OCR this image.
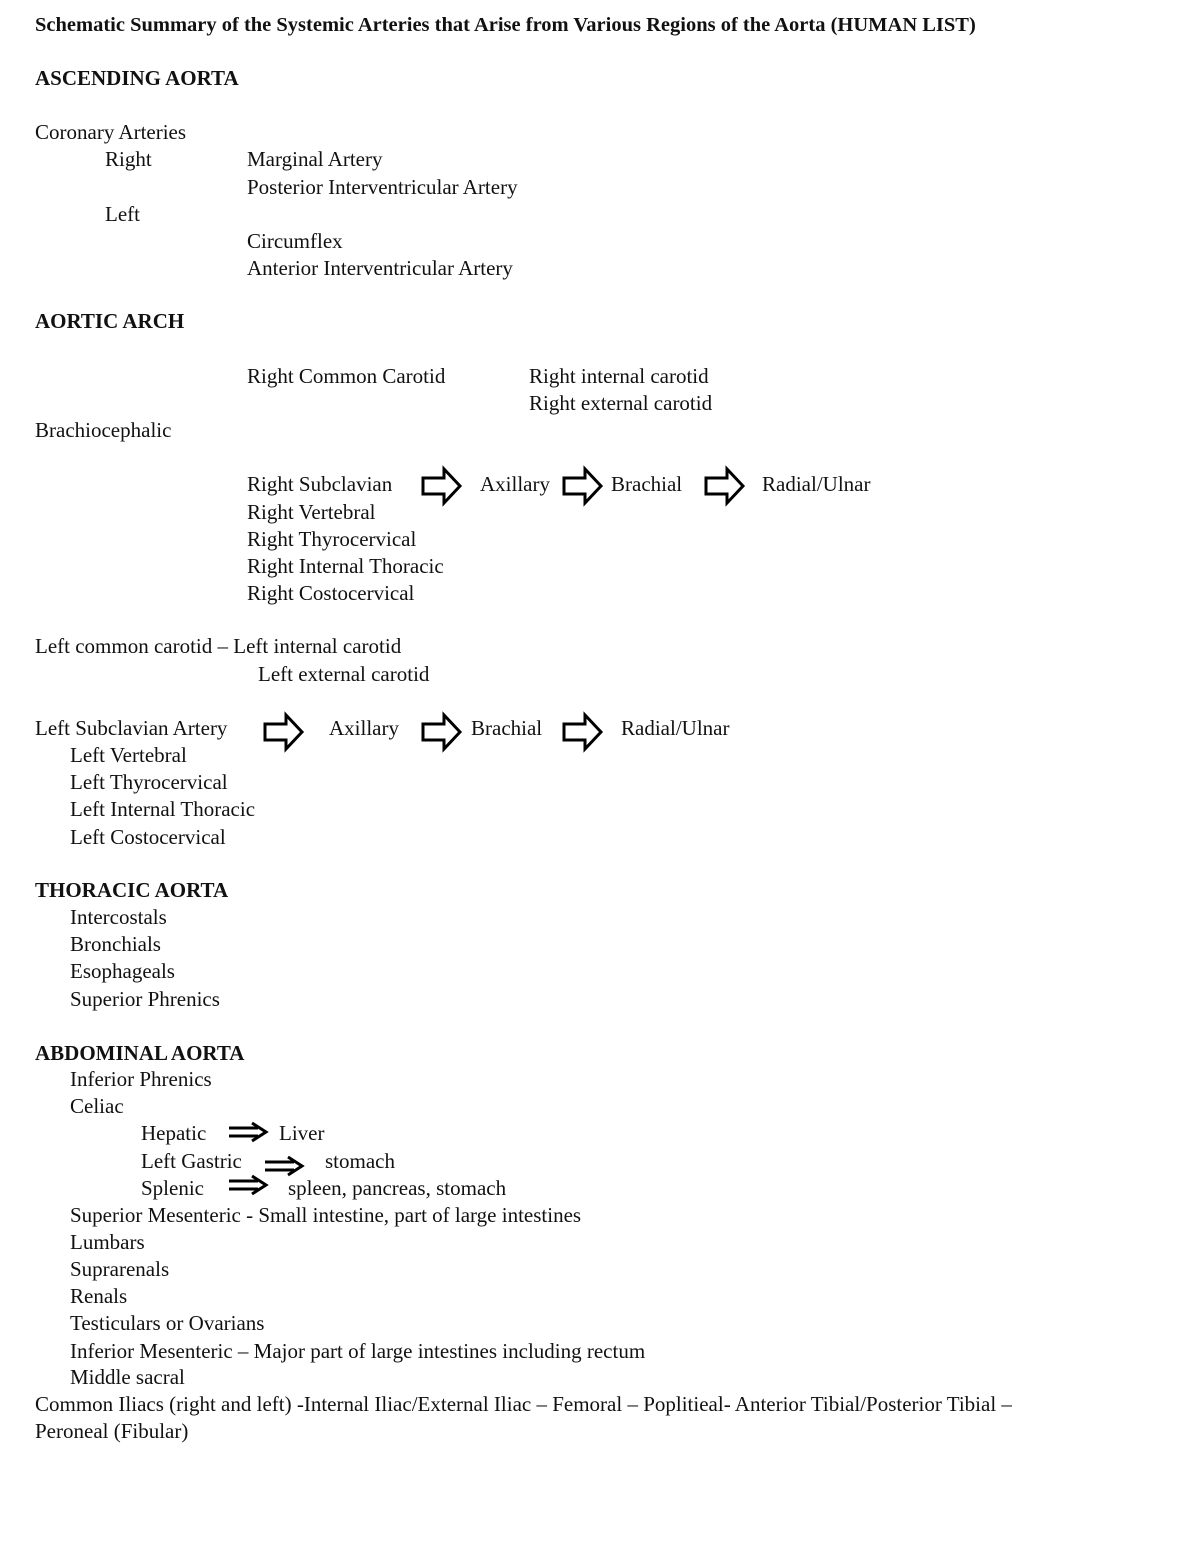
Schematic Summary of the Systemic Arteries that Arise from Various Regions of the Aorta (HUMAN LIST)
ASCENDING AORTA
Coronary Arteries
Right	Marginal Artery
Posterior Interventricular Artery
Left
Circumflex
Anterior Interventricular Artery
AORTIC ARCH
Right Common Carotid	Right internal carotid
Right external carotid
Brachiocephalic
Right Subclavian	Axillary	Brachial	Radial/Ulnar
Right Vertebral
Right Thyrocervical
Right Internal Thoracic
Right Costocervical
Left common carotid – Left internal carotid
Left external carotid
Left Subclavian Artery	Axillary	Brachial	Radial/Ulnar
Left Vertebral
Left Thyrocervical
Left Internal Thoracic
Left Costocervical
THORACIC AORTA
Intercostals
Bronchials
Esophageals
Superior Phrenics
ABDOMINAL AORTA
Inferior Phrenics
Celiac
Hepatic	Liver
Left Gastric	stomach
Splenic	spleen, pancreas, stomach
Superior Mesenteric - Small intestine, part of large intestines
Lumbars
Suprarenals
Renals
Testiculars or Ovarians
Inferior Mesenteric – Major part of large intestines including rectum
Middle sacral
Common Iliacs (right and left) -Internal Iliac/External Iliac – Femoral – Poplitieal- Anterior Tibial/Posterior Tibial –
Peroneal (Fibular)
